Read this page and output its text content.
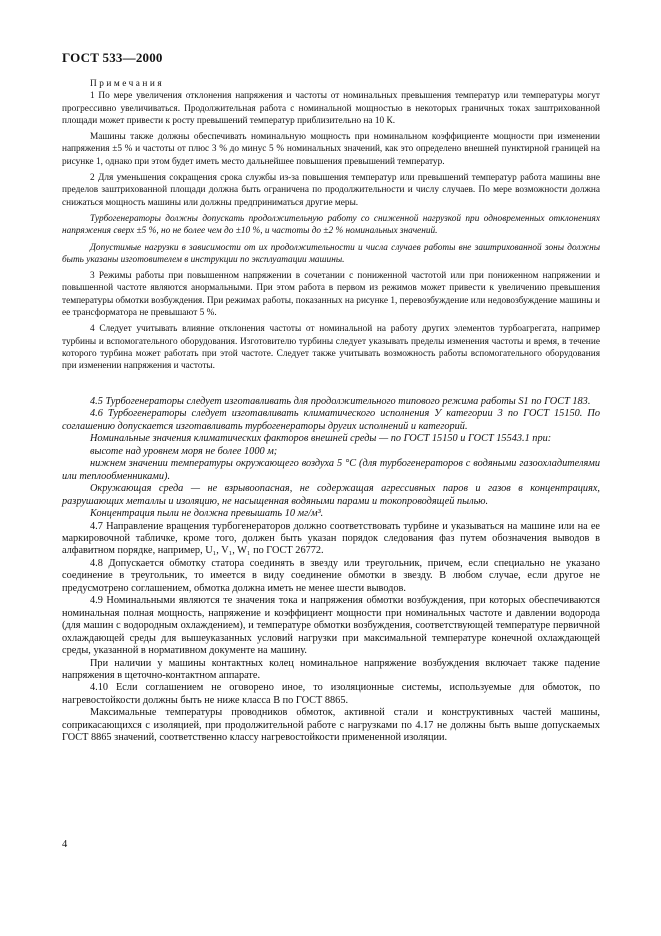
ГОСТ 533—2000

Примечания

1 По мере увеличения отклонения напряжения и частоты от номинальных превышения температур или температуры могут прогрессивно увеличиваться. Продолжительная работа с номинальной мощностью в некоторых граничных токах заштрихованной площади может привести к росту превышений температур приблизительно на 10 К.

Машины также должны обеспечивать номинальную мощность при номинальном коэффициенте мощности при изменении напряжения ±5 % и частоты от плюс 3 % до минус 5 % номинальных значений, как это определено внешней пунктирной границей на рисунке 1, однако при этом будет иметь место дальнейшее повышения превышений температур.

2 Для уменьшения сокращения срока службы из-за повышения температур или превышений температур работа машины вне пределов заштрихованной площади должна быть ограничена по продолжительности и числу случаев. По мере возможности должна снижаться мощность машины или должны предприниматься другие меры.

Турбогенераторы должны допускать продолжительную работу со сниженной нагрузкой при одновременных отклонениях напряжения сверх ±5 %, но не более чем до ±10 %, и частоты до ±2 % номинальных значений.

Допустимые нагрузки в зависимости от их продолжительности и числа случаев работы вне заштрихованной зоны должны быть указаны изготовителем в инструкции по эксплуатации машины.

3 Режимы работы при повышенном напряжении в сочетании с пониженной частотой или при пониженном напряжении и повышенной частоте являются анормальными. При этом работа в первом из режимов может привести к увеличению превышения температуры обмотки возбуждения. При режимах работы, показанных на рисунке 1, перевозбуждение или недовозбуждение машины и ее трансформатора не превышают 5 %.

4 Следует учитывать влияние отклонения частоты от номинальной на работу других элементов турбоагрегата, например турбины и вспомогательного оборудования. Изготовителю турбины следует указывать пределы изменения частоты и время, в течение которого турбина может работать при этой частоте. Следует также учитывать возможность работы вспомогательного оборудования при изменении напряжения и частоты.

4.5 Турбогенераторы следует изготавливать для продолжительного типового режима работы S1 по ГОСТ 183.

4.6 Турбогенераторы следует изготавливать климатического исполнения У категории 3 по ГОСТ 15150. По соглашению допускается изготавливать турбогенераторы других исполнений и категорий.

Номинальные значения климатических факторов внешней среды — по ГОСТ 15150 и ГОСТ 15543.1 при:

высоте над уровнем моря не более 1000 м;

нижнем значении температуры окружающего воздуха 5 °С (для турбогенераторов с водяными газоохладителями или теплообменниками).

Окружающая среда — не взрывоопасная, не содержащая агрессивных паров и газов в концентрациях, разрушающих металлы и изоляцию, не насыщенная водяными парами и токопроводящей пылью.

Концентрация пыли не должна превышать 10 мг/м³.

4.7 Направление вращения турбогенераторов должно соответствовать турбине и указываться на машине или на ее маркировочной табличке, кроме того, должен быть указан порядок следования фаз путем обозначения выводов в алфавитном порядке, например, U₁, V₁, W₁ по ГОСТ 26772.

4.8 Допускается обмотку статора соединять в звезду или треугольник, причем, если специально не указано соединение в треугольник, то имеется в виду соединение обмотки в звезду. В любом случае, если другое не предусмотрено соглашением, обмотка должна иметь не менее шести выводов.

4.9 Номинальными являются те значения тока и напряжения обмотки возбуждения, при которых обеспечиваются номинальная полная мощность, напряжение и коэффициент мощности при номинальных частоте и давлении водорода (для машин с водородным охлаждением), и температуре обмотки возбуждения, соответствующей температуре первичной охлаждающей среды для вышеуказанных условий нагрузки при максимальной температуре конечной охлаждающей среды, указанной в нормативном документе на машину.

При наличии у машины контактных колец номинальное напряжение возбуждения включает также падение напряжения в щеточно-контактном аппарате.

4.10 Если соглашением не оговорено иное, то изоляционные системы, используемые для обмоток, по нагревостойкости должны быть не ниже класса В по ГОСТ 8865.

Максимальные температуры проводников обмоток, активной стали и конструктивных частей машины, соприкасающихся с изоляцией, при продолжительной работе с нагрузками по 4.17 не должны быть выше допускаемых ГОСТ 8865 значений, соответственно классу нагревостойкости примененной изоляции.

4
